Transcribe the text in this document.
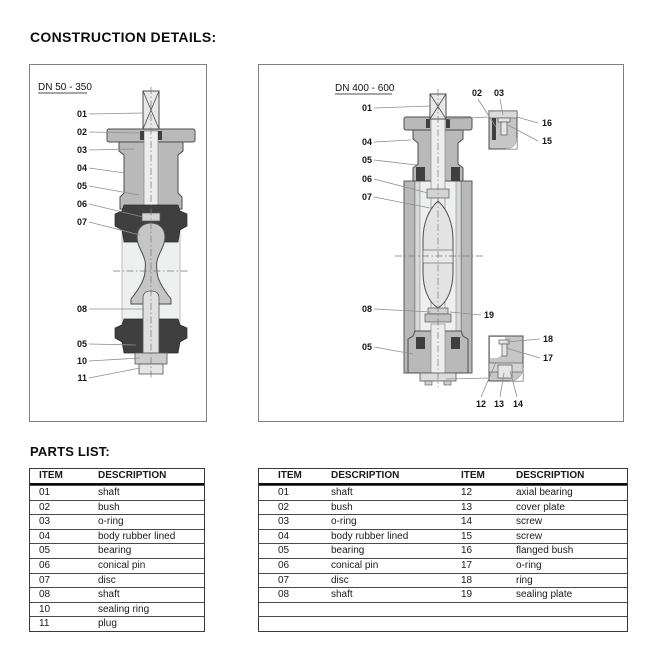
CONSTRUCTION DETAILS:
DN 50 - 350
01
02
03
04
05
06
07
08
05
10
11
DN 400 - 600
01
04
05
06
07
08
05
19
02 03
16
15
18
17
12 13 14
PARTS LIST:
ITEM	DESCRIPTION
01	shaft
02	bush
03	o-ring
04	body rubber lined
05	bearing
06	conical pin
07	disc
08	shaft
10	sealing ring
11	plug
ITEM	DESCRIPTION	ITEM	DESCRIPTION
01	shaft	12	axial bearing
02	bush	13	cover plate
03	o-ring	14	screw
04	body rubber lined	15	screw
05	bearing	16	flanged bush
06	conical pin	17	o-ring
07	disc	18	ring
08	shaft	19	sealing plate
